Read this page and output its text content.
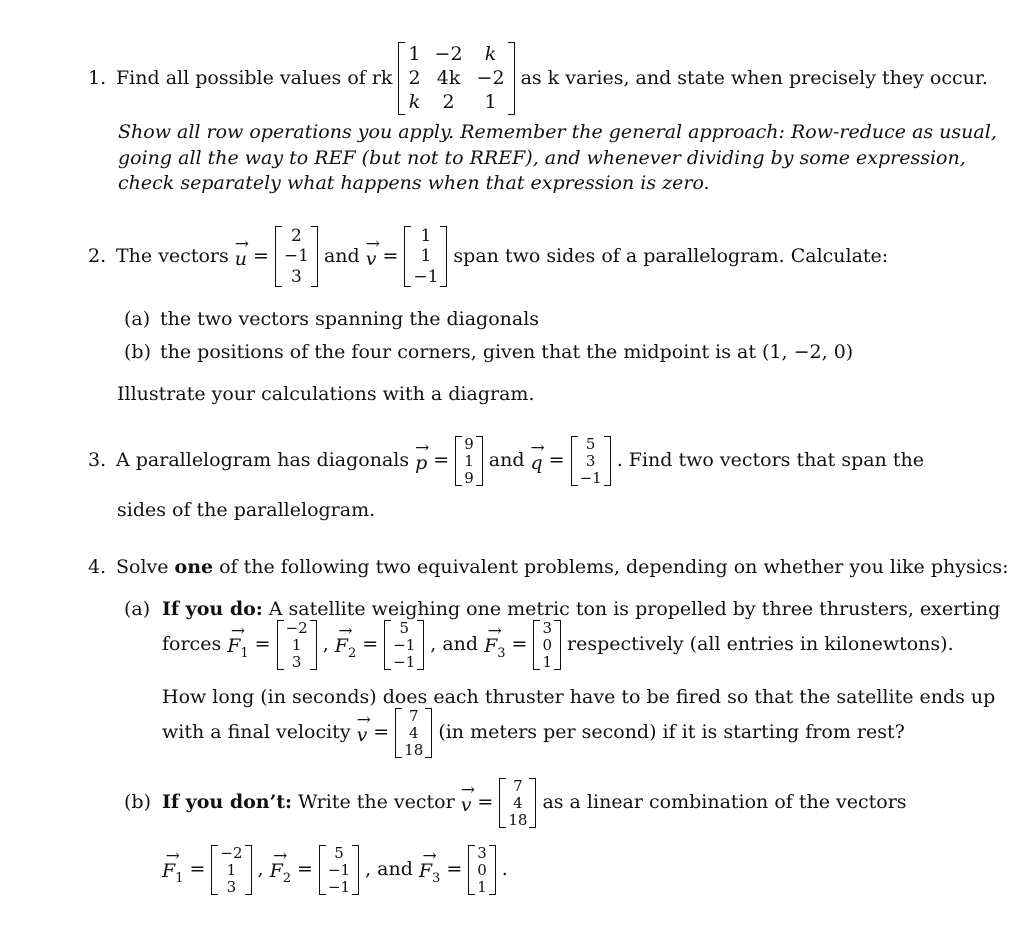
1. Find all possible values of rk
1 −2	k
2 4k −2
k	2	1
as k varies, and state when precisely they occur.
Show all row operations you apply. Remember the general approach: Row-reduce as usual,
going all the way to REF (but not to RREF), and whenever dividing by some expression,
check separately what happens when that expression is zero.
2. The vectors → u =
2
−1
3
and → v =
1
1
−1
span two sides of a parallelogram. Calculate:
(a) the two vectors spanning the diagonals
(b) the positions of the four corners, given that the midpoint is at (1, −2, 0)
Illustrate your calculations with a diagram.
3. A parallelogram has diagonals → p =
9
1
9
and → q =
5
3
−1
. Find two vectors that span the
sides of the parallelogram.
4. Solve one of the following two equivalent problems, depending on whether you like physics:
(a) If you do: A satellite weighing one metric ton is propelled by three thrusters, exerting
forces → $F_1$ =
−2
1
3
, → $F_2$ =
5
−1
−1
, and → $F_3$ =
3
0
1
respectively (all entries in kilonewtons).
How long (in seconds) does each thruster have to be fired so that the satellite ends up
with a final velocity → v =
7
4
18
(in meters per second) if it is starting from rest?
(b) If you don’t: Write the vector → v =
7
4
18
as a linear combination of the vectors
→ $F_1$ =
−2
1
3
, → $F_2$ =
5
−1
−1
, and → $F_3$ =
3
0
1
.
